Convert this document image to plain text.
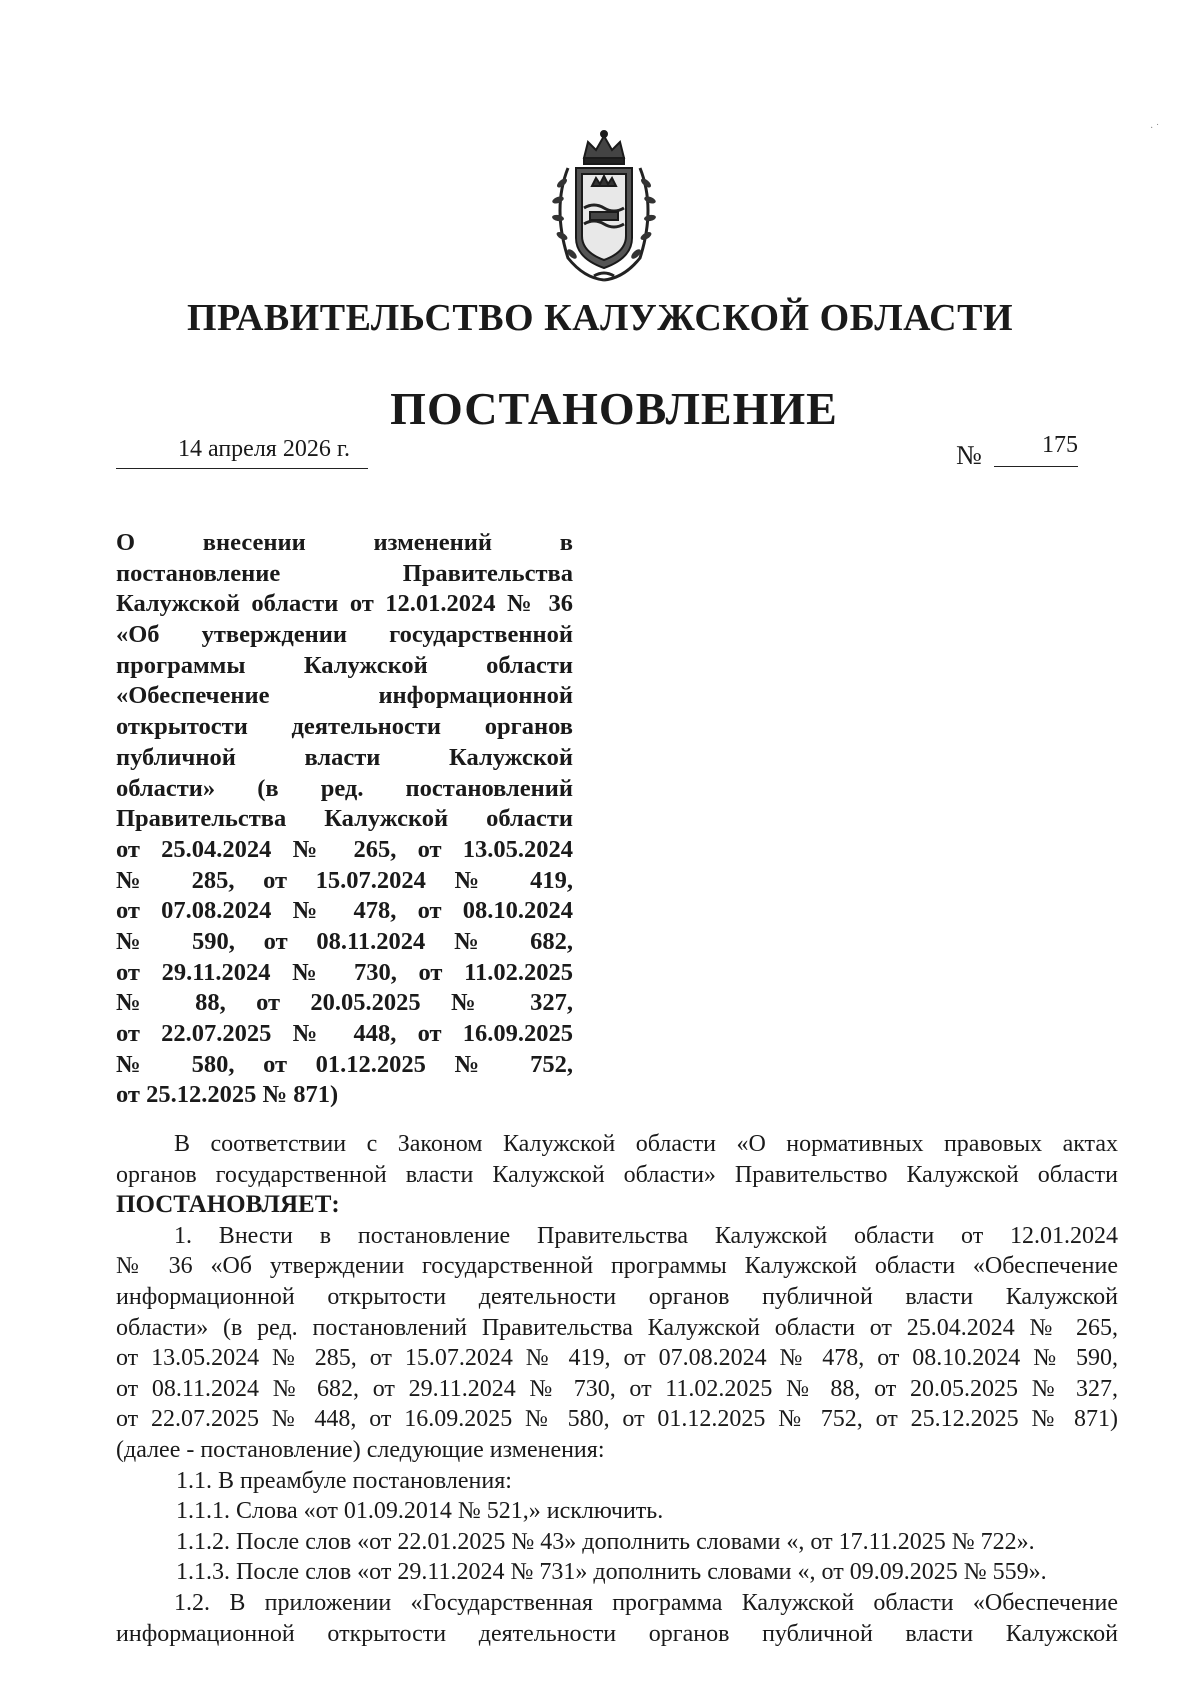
· ˙
ПРАВИТЕЛЬСТВО КАЛУЖСКОЙ ОБЛАСТИ
ПОСТАНОВЛЕНИЕ
14 апреля 2026 г.	№	175
О внесении изменений в
постановление Правительства
Калужской области от 12.01.2024 № 36
«Об утверждении государственной
программы Калужской области
«Обеспечение информационной
открытости деятельности органов
публичной власти Калужской
области» (в ред. постановлений
Правительства Калужской области
от 25.04.2024 № 265, от 13.05.2024
№ 285, от 15.07.2024 № 419,
от 07.08.2024 № 478, от 08.10.2024
№ 590, от 08.11.2024 № 682,
от 29.11.2024 № 730, от 11.02.2025
№ 88, от 20.05.2025 № 327,
от 22.07.2025 № 448, от 16.09.2025
№ 580, от 01.12.2025 № 752,
от 25.12.2025 № 871)
В соответствии с Законом Калужской области «О нормативных правовых актах
органов государственной власти Калужской области» Правительство Калужской области
ПОСТАНОВЛЯЕТ:
1. Внести в постановление Правительства Калужской области от 12.01.2024
№ 36 «Об утверждении государственной программы Калужской области «Обеспечение
информационной открытости деятельности органов публичной власти Калужской
области» (в ред. постановлений Правительства Калужской области от 25.04.2024 № 265,
от 13.05.2024 № 285, от 15.07.2024 № 419, от 07.08.2024 № 478, от 08.10.2024 № 590,
от 08.11.2024 № 682, от 29.11.2024 № 730, от 11.02.2025 № 88, от 20.05.2025 № 327,
от 22.07.2025 № 448, от 16.09.2025 № 580, от 01.12.2025 № 752, от 25.12.2025 № 871)
(далее - постановление) следующие изменения:
1.1. В преамбуле постановления:
1.1.1. Слова «от 01.09.2014 № 521,» исключить.
1.1.2. После слов «от 22.01.2025 № 43» дополнить словами «, от 17.11.2025 № 722».
1.1.3. После слов «от 29.11.2024 № 731» дополнить словами «, от 09.09.2025 № 559».
1.2. В приложении «Государственная программа Калужской области «Обеспечение
информационной открытости деятельности органов публичной власти Калужской
